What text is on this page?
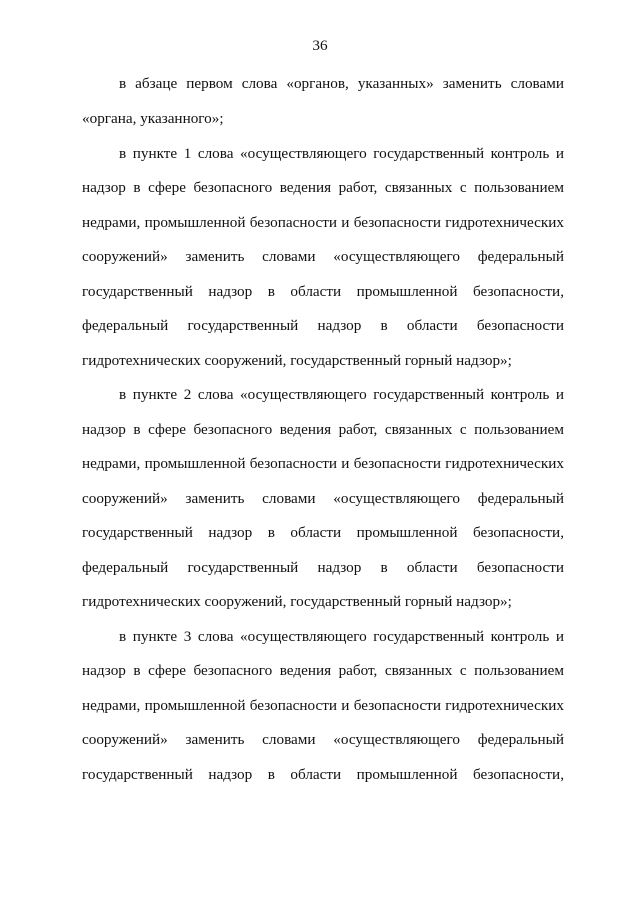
36
в абзаце первом слова «органов, указанных» заменить словами
«органа, указанного»;
в пункте 1 слова «осуществляющего государственный контроль и
надзор в сфере безопасного ведения работ, связанных с пользованием
недрами, промышленной безопасности и безопасности гидротехнических
сооружений» заменить словами «осуществляющего федеральный
государственный надзор в области промышленной безопасности,
федеральный государственный надзор в области безопасности
гидротехнических сооружений, государственный горный надзор»;
в пункте 2 слова «осуществляющего государственный контроль и
надзор в сфере безопасного ведения работ, связанных с пользованием
недрами, промышленной безопасности и безопасности гидротехнических
сооружений» заменить словами «осуществляющего федеральный
государственный надзор в области промышленной безопасности,
федеральный государственный надзор в области безопасности
гидротехнических сооружений, государственный горный надзор»;
в пункте 3 слова «осуществляющего государственный контроль и
надзор в сфере безопасного ведения работ, связанных с пользованием
недрами, промышленной безопасности и безопасности гидротехнических
сооружений» заменить словами «осуществляющего федеральный
государственный надзор в области промышленной безопасности,
